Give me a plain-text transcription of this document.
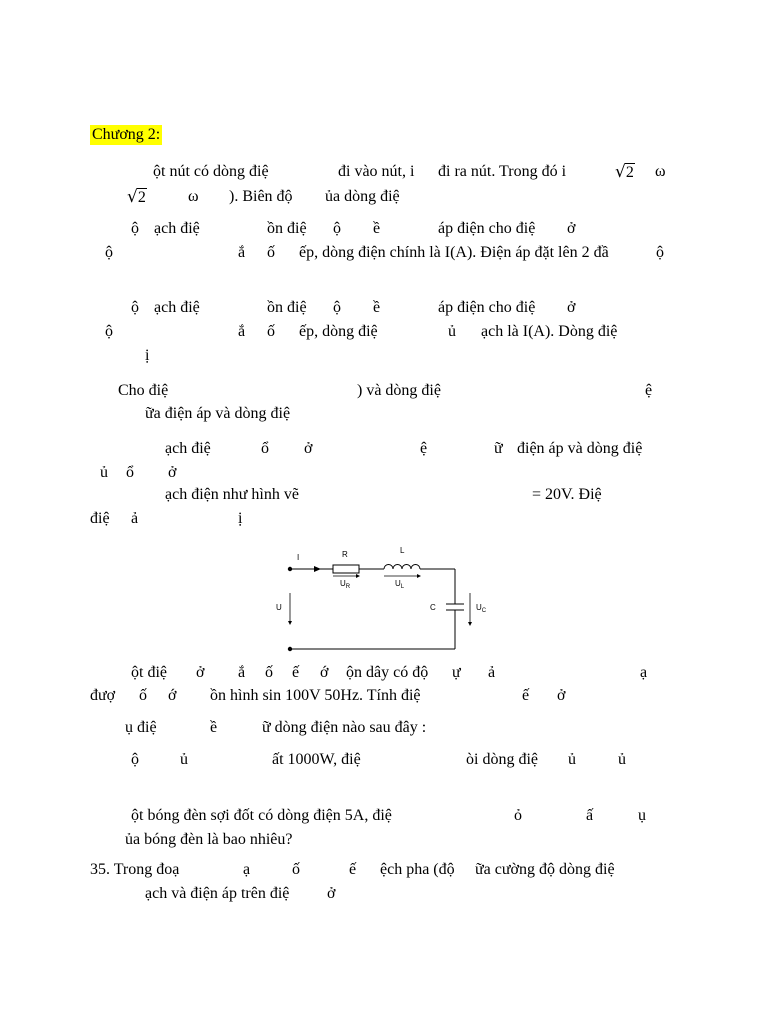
Chương 2:
ột nút có dòng điệ	đi vào nút, i đi ra nút. Trong đó i	ω
ω ). Biên độ ủa dòng điệ
ộ ạch điệ	ồn điệ ộ ề	áp điện cho điệ ở
ộ	ắ ố ếp, dòng điện chính là I(A). Điện áp đặt lên 2 đầ	ộ
ộ ạch điệ	ồn điệ ộ ề	áp điện cho điệ ở
ộ	ắ ố ếp, dòng điệ	ủ ạch là I(A). Dòng điệ
ị
Cho điệ	) và dòng điệ	ệ
ữa điện áp và dòng điệ
ạch điệ	ổ ở	ệ	ữ điện áp và dòng điệ
ủ ổ ở
ạch điện như hình vẽ	= 20V. Điệ
điệ ả	ị
ột điệ ở ắ ố ế ớ ộn dây có độ ự ả	ạ
đượ ố ớ ồn hình sin 100V 50Hz. Tính điệ	ế ở
ụ điệ	ề	ữ dòng điện nào sau đây :
ộ	ủ	ất 1000W, điệ	òi dòng điệ ủ	ủ
ột bóng đèn sợi đốt có dòng điện 5A, điệ	ỏ	ấ	ụ
ủa bóng đèn là bao nhiêu?
35. Trong đoạ	ạ	ố	ế ệch pha (độ ữa cường độ dòng điệ
ạch và điện áp trên điệ ở
√2
√2
I	R
$U_R$
L
$U_L$
C	$U_C$
U
